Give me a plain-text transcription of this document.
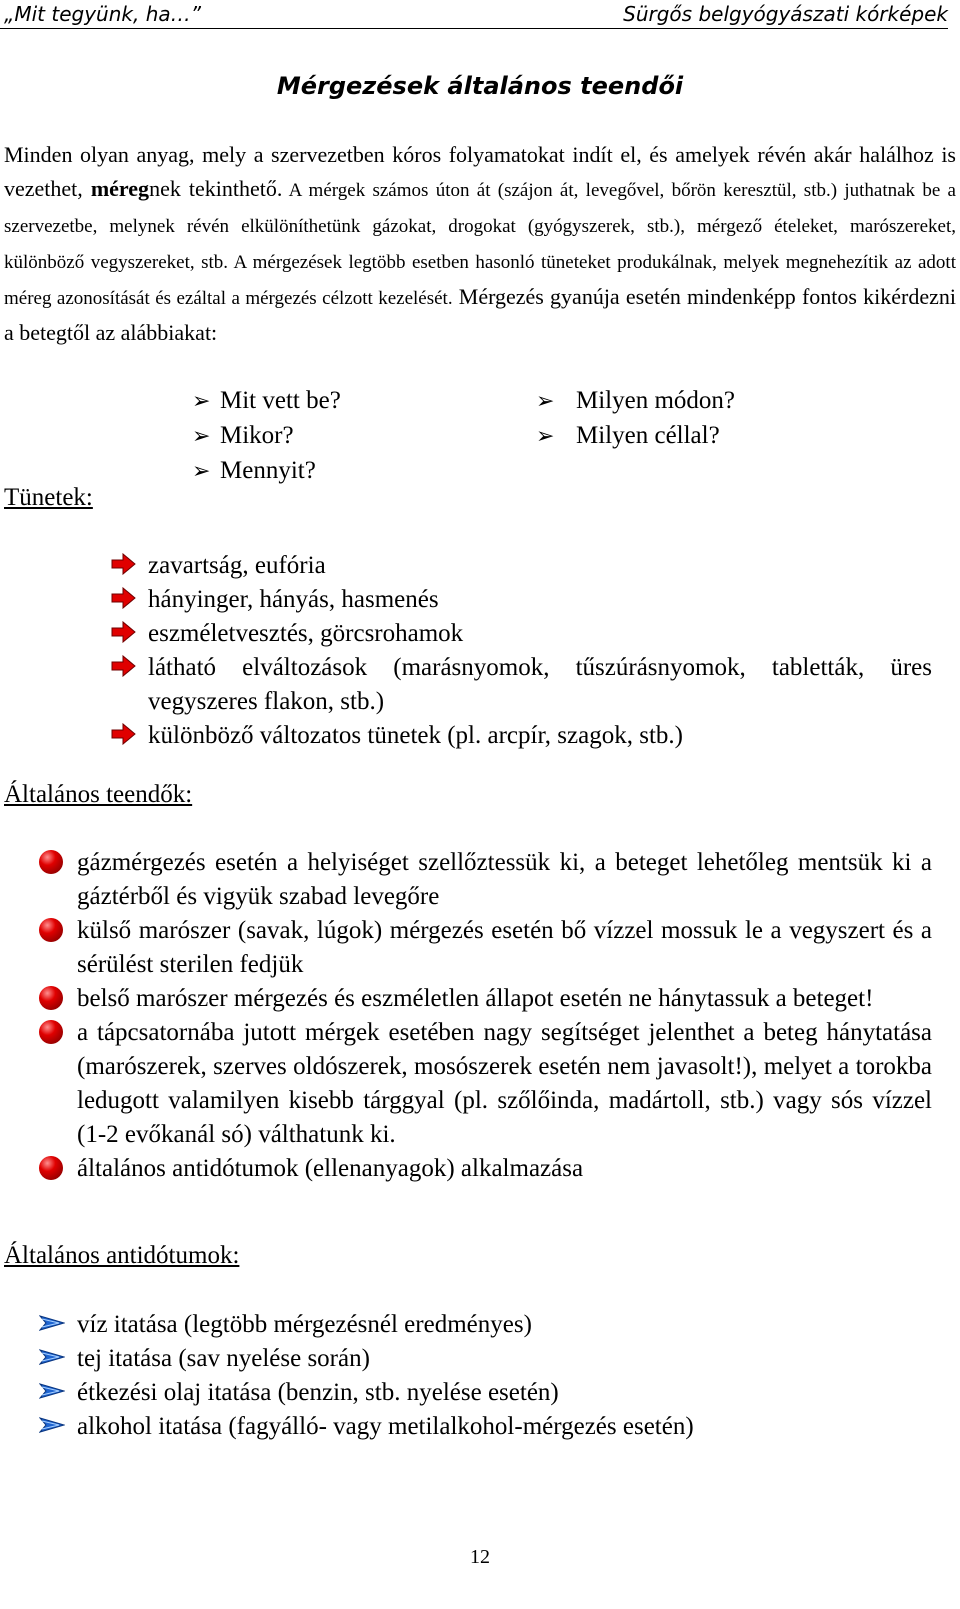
„Mit tegyünk, ha…”	Sürgős belgyógyászati kórképek
Mérgezések általános teendői
Minden olyan anyag, mely a szervezetben kóros folyamatokat indít el, és amelyek révén akár halálhoz is vezethet, méregnek tekinthető. A mérgek számos úton át (szájon át, levegővel, bőrön keresztül, stb.) juthatnak be a szervezetbe, melynek révén elkülöníthetünk gázokat, drogokat (gyógyszerek, stb.), mérgező ételeket, marószereket, különböző vegyszereket, stb. A mérgezések legtöbb esetben hasonló tüneteket produkálnak, melyek megnehezítik az adott méreg azonosítását és ezáltal a mérgezés célzott kezelését. Mérgezés gyanúja esetén mindenképp fontos kikérdezni a betegtől az alábbiakat:
➢ Mit vett be?
➢ Mikor?
➢ Mennyit?
➢ Milyen módon?
➢ Milyen céllal?
Tünetek:
zavartság, eufória
hányinger, hányás, hasmenés
eszméletvesztés, görcsrohamok
látható elváltozások (marásnyomok, tűszúrásnyomok, tabletták, üres vegyszeres flakon, stb.)
különböző változatos tünetek (pl. arcpír, szagok, stb.)
Általános teendők:
gázmérgezés esetén a helyiséget szellőztessük ki, a beteget lehetőleg mentsük ki a gáztérből és vigyük szabad levegőre
külső marószer (savak, lúgok) mérgezés esetén bő vízzel mossuk le a vegyszert és a sérülést sterilen fedjük
belső marószer mérgezés és eszméletlen állapot esetén ne hánytassuk a beteget!
a tápcsatornába jutott mérgek esetében nagy segítséget jelenthet a beteg hánytatása (marószerek, szerves oldószerek, mosószerek esetén nem javasolt!), melyet a torokba ledugott valamilyen kisebb tárggyal (pl. szőlőinda, madártoll, stb.) vagy sós vízzel (1-2 evőkanál só) válthatunk ki.
általános antidótumok (ellenanyagok) alkalmazása
Általános antidótumok:
víz itatása (legtöbb mérgezésnél eredményes)
tej itatása (sav nyelése során)
étkezési olaj itatása (benzin, stb. nyelése esetén)
alkohol itatása (fagyálló- vagy metilalkohol-mérgezés esetén)
12
